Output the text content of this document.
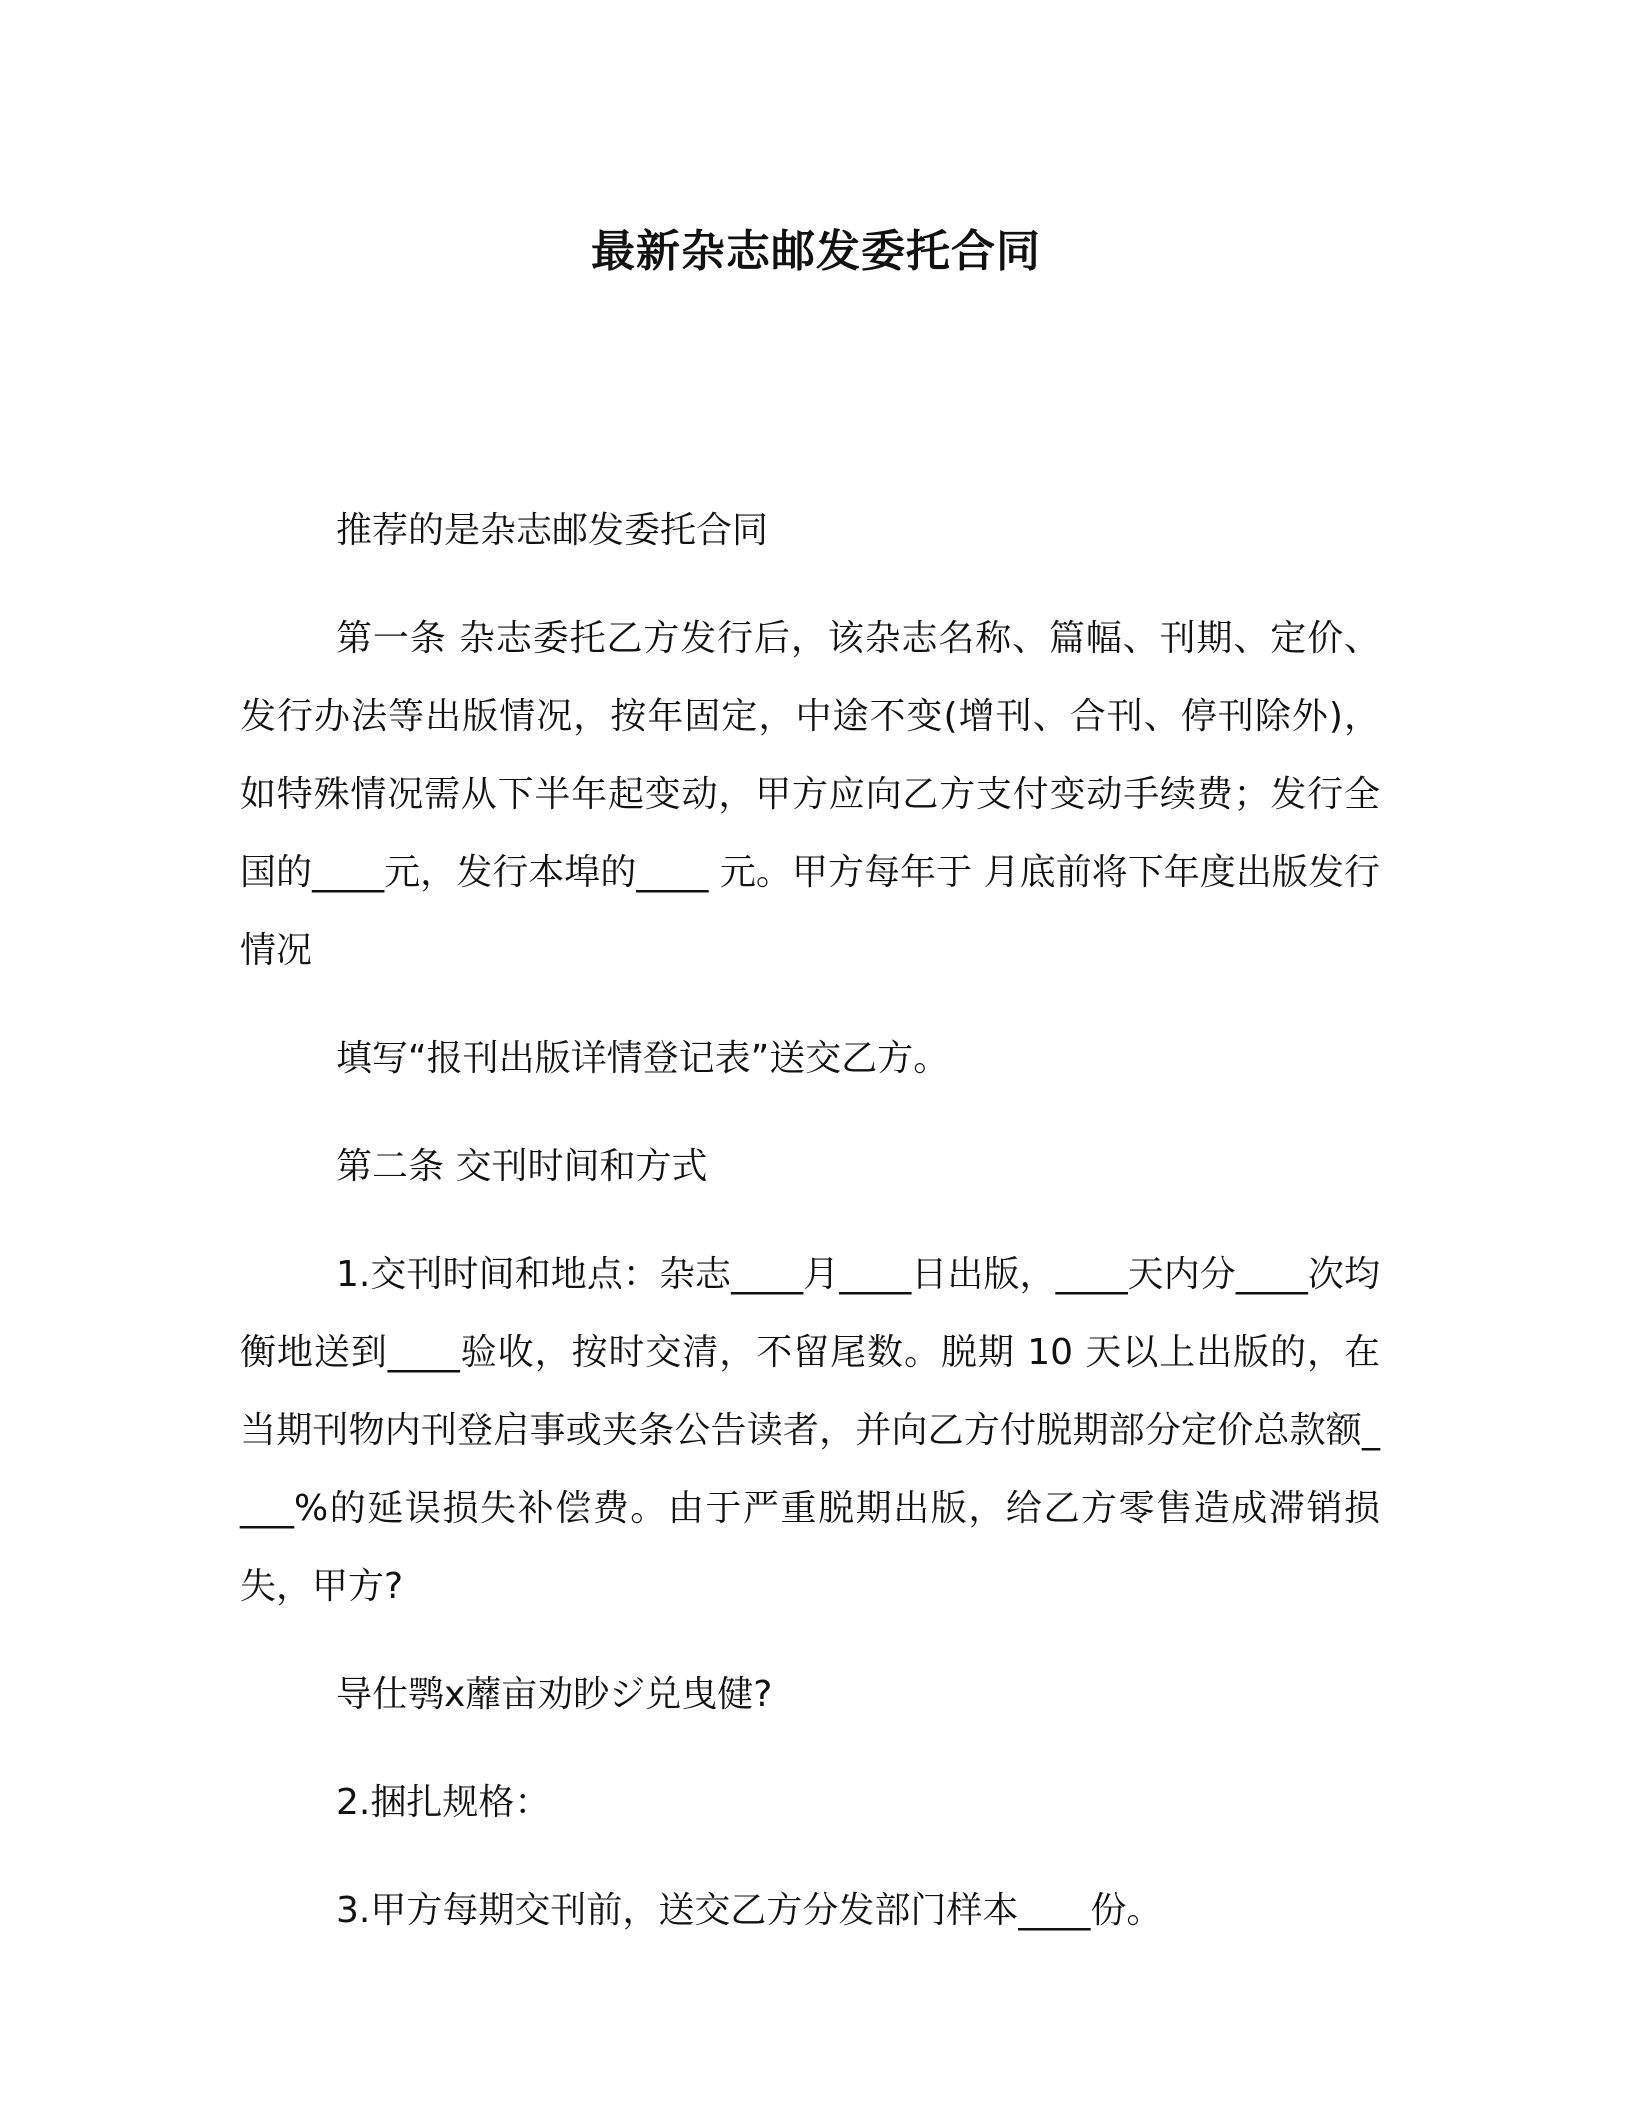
最新杂志邮发委托合同

推荐的是杂志邮发委托合同

第一条 杂志委托乙方发行后，该杂志名称、篇幅、刊期、定价、发行办法等出版情况，按年固定，中途不变(增刊、合刊、停刊除外)，如特殊情况需从下半年起变动，甲方应向乙方支付变动手续费；发行全国的____元，发行本埠的____ 元。甲方每年于 月底前将下年度出版发行情况

填写“报刊出版详情登记表”送交乙方。

第二条 交刊时间和方式

1.交刊时间和地点：杂志____月____日出版，____天内分____次均衡地送到____验收，按时交清，不留尾数。脱期 10 天以上出版的，在当期刊物内刊登启事或夹条公告读者，并向乙方付脱期部分定价总款额____%的延误损失补偿费。由于严重脱期出版，给乙方零售造成滞销损失，甲方?

导仕鹗x蘼亩劝眇ジ兑曳健?

2.捆扎规格：

3.甲方每期交刊前，送交乙方分发部门样本____份。
